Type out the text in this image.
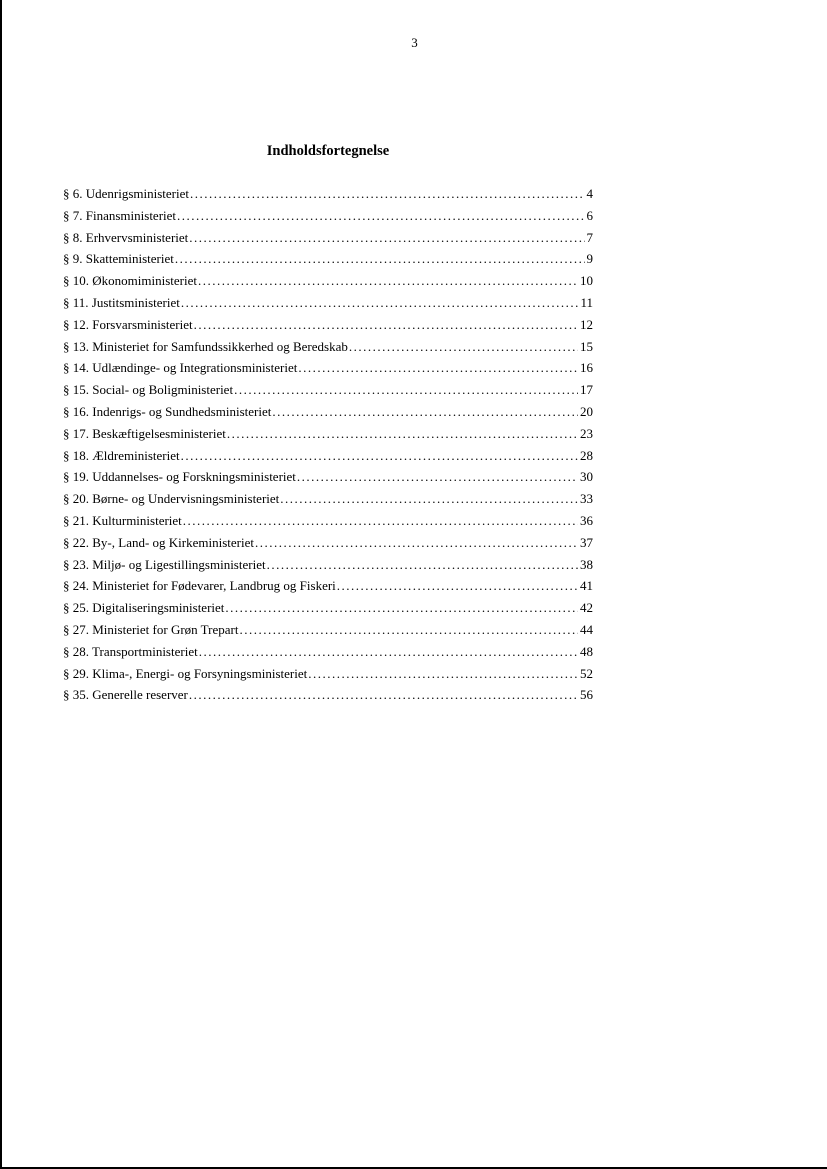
3
Indholdsfortegnelse
§ 6. Udenrigsministeriet .....	4
§ 7. Finansministeriet .....	6
§ 8. Erhvervsministeriet .....	7
§ 9. Skatteministeriet .....	9
§ 10. Økonomiministeriet .....	10
§ 11. Justitsministeriet .....	11
§ 12. Forsvarsministeriet .....	12
§ 13. Ministeriet for Samfundssikkerhed og Beredskab .....	15
§ 14. Udlændinge- og Integrationsministeriet .....	16
§ 15. Social- og Boligministeriet .....	17
§ 16. Indenrigs- og Sundhedsministeriet .....	20
§ 17. Beskæftigelsesministeriet .....	23
§ 18. Ældreministeriet .....	28
§ 19. Uddannelses- og Forskningsministeriet .....	30
§ 20. Børne- og Undervisningsministeriet .....	33
§ 21. Kulturministeriet .....	36
§ 22. By-, Land- og Kirkeministeriet .....	37
§ 23. Miljø- og Ligestillingsministeriet .....	38
§ 24. Ministeriet for Fødevarer, Landbrug og Fiskeri .....	41
§ 25. Digitaliseringsministeriet .....	42
§ 27. Ministeriet for Grøn Trepart .....	44
§ 28. Transportministeriet .....	48
§ 29. Klima-, Energi- og Forsyningsministeriet .....	52
§ 35. Generelle reserver .....	56
